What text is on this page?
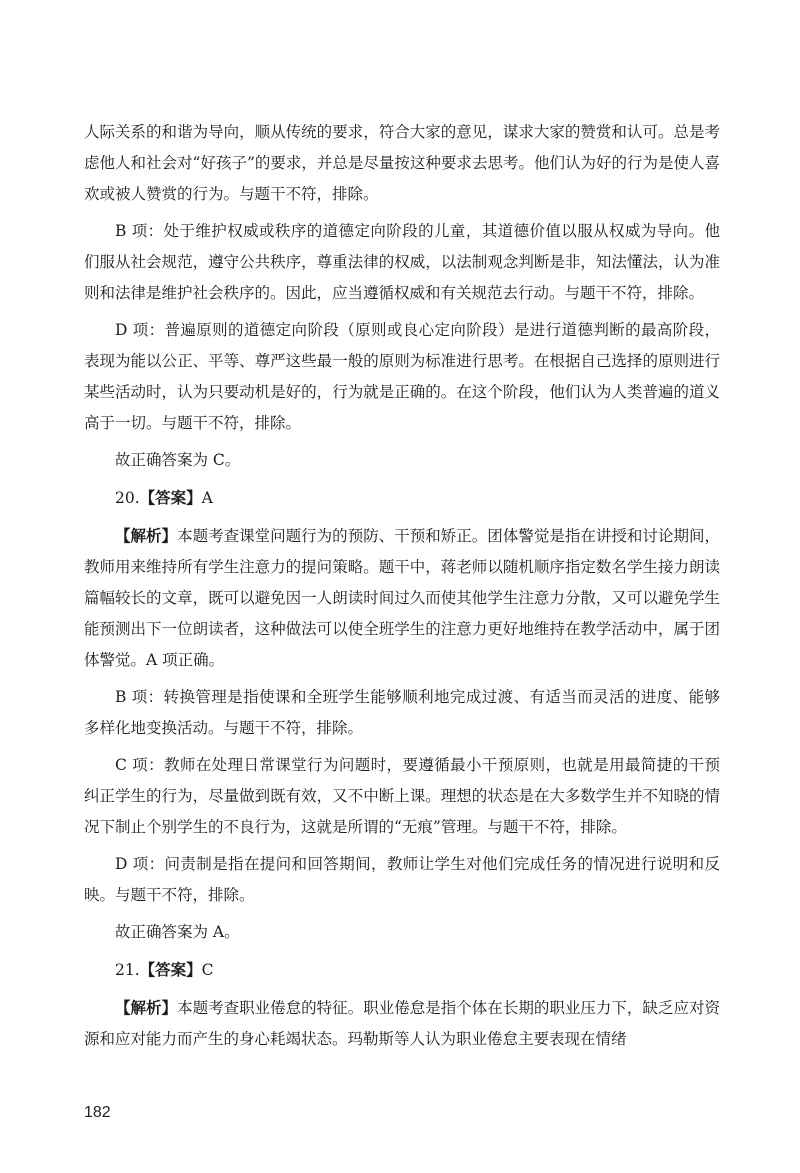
人际关系的和谐为导向，顺从传统的要求，符合大家的意见，谋求大家的赞赏和认可。总是考虑他人和社会对“好孩子”的要求，并总是尽量按这种要求去思考。他们认为好的行为是使人喜欢或被人赞赏的行为。与题干不符，排除。

B 项：处于维护权威或秩序的道德定向阶段的儿童，其道德价值以服从权威为导向。他们服从社会规范，遵守公共秩序，尊重法律的权威，以法制观念判断是非，知法懂法，认为准则和法律是维护社会秩序的。因此，应当遵循权威和有关规范去行动。与题干不符，排除。

D 项：普遍原则的道德定向阶段（原则或良心定向阶段）是进行道德判断的最高阶段，表现为能以公正、平等、尊严这些最一般的原则为标准进行思考。在根据自己选择的原则进行某些活动时，认为只要动机是好的，行为就是正确的。在这个阶段，他们认为人类普遍的道义高于一切。与题干不符，排除。

故正确答案为 C。

20.【答案】A

【解析】本题考查课堂问题行为的预防、干预和矫正。团体警觉是指在讲授和讨论期间，教师用来维持所有学生注意力的提问策略。题干中，蒋老师以随机顺序指定数名学生接力朗读篇幅较长的文章，既可以避免因一人朗读时间过久而使其他学生注意力分散，又可以避免学生能预测出下一位朗读者，这种做法可以使全班学生的注意力更好地维持在教学活动中，属于团体警觉。A 项正确。

B 项：转换管理是指使课和全班学生能够顺利地完成过渡、有适当而灵活的进度、能够多样化地变换活动。与题干不符，排除。

C 项：教师在处理日常课堂行为问题时，要遵循最小干预原则，也就是用最简捷的干预纠正学生的行为，尽量做到既有效，又不中断上课。理想的状态是在大多数学生并不知晓的情况下制止个别学生的不良行为，这就是所谓的“无痕”管理。与题干不符，排除。

D 项：问责制是指在提问和回答期间，教师让学生对他们完成任务的情况进行说明和反映。与题干不符，排除。

故正确答案为 A。

21.【答案】C

【解析】本题考查职业倦怠的特征。职业倦怠是指个体在长期的职业压力下，缺乏应对资源和应对能力而产生的身心耗竭状态。玛勒斯等人认为职业倦怠主要表现在情绪

182
